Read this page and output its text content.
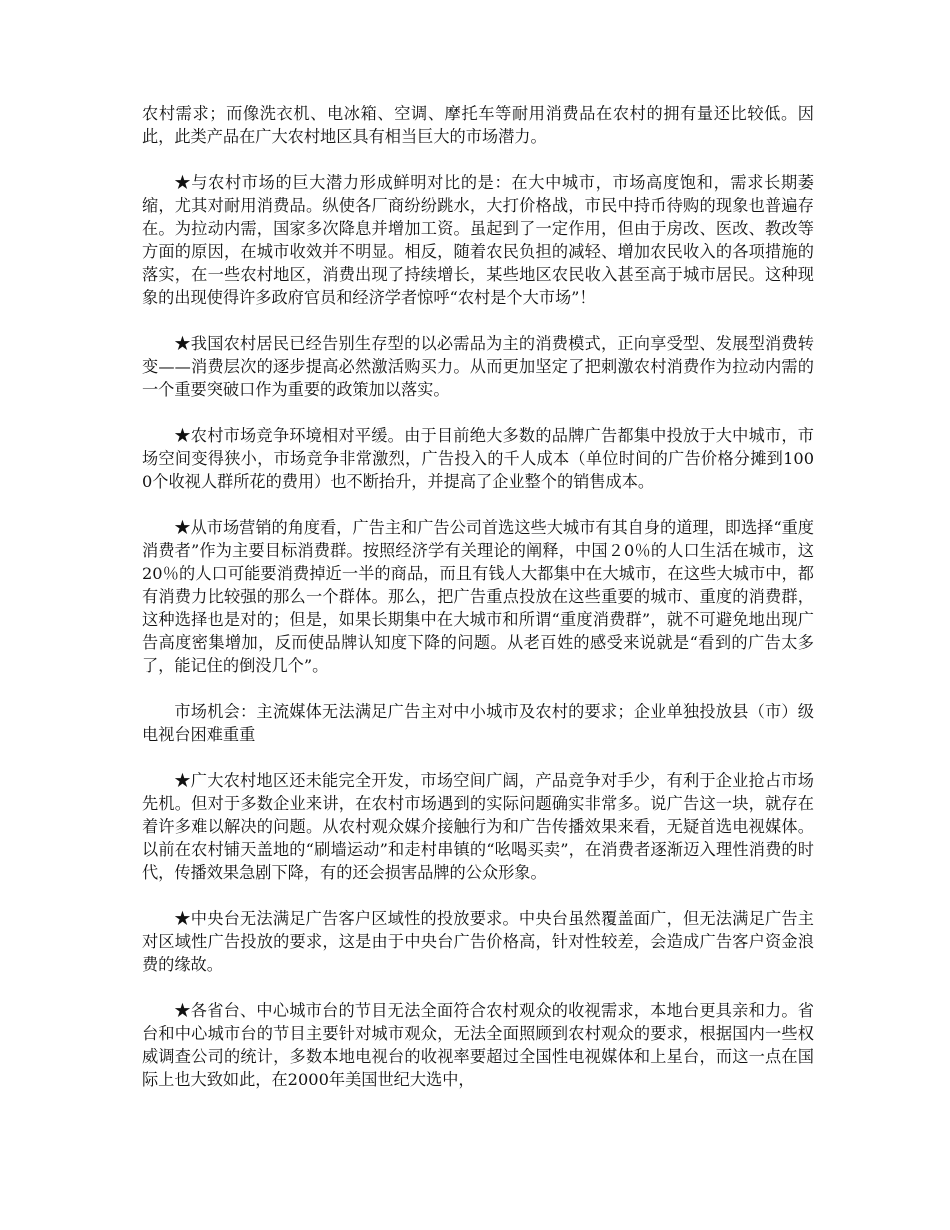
农村需求；而像洗衣机、电冰箱、空调、摩托车等耐用消费品在农村的拥有量还比较低。因此，此类产品在广大农村地区具有相当巨大的市场潜力。

★与农村市场的巨大潜力形成鲜明对比的是：在大中城市，市场高度饱和，需求长期萎缩，尤其对耐用消费品。纵使各厂商纷纷跳水，大打价格战，市民中持币待购的现象也普遍存在。为拉动内需，国家多次降息并增加工资。虽起到了一定作用，但由于房改、医改、教改等方面的原因，在城市收效并不明显。相反，随着农民负担的减轻、增加农民收入的各项措施的落实，在一些农村地区，消费出现了持续增长，某些地区农民收入甚至高于城市居民。这种现象的出现使得许多政府官员和经济学者惊呼“农村是个大市场”！

★我国农村居民已经告别生存型的以必需品为主的消费模式，正向享受型、发展型消费转变——消费层次的逐步提高必然激活购买力。从而更加坚定了把刺激农村消费作为拉动内需的一个重要突破口作为重要的政策加以落实。

★农村市场竞争环境相对平缓。由于目前绝大多数的品牌广告都集中投放于大中城市，市场空间变得狭小，市场竞争非常激烈，广告投入的千人成本（单位时间的广告价格分摊到1000个收视人群所花的费用）也不断抬升，并提高了企业整个的销售成本。

★从市场营销的角度看，广告主和广告公司首选这些大城市有其自身的道理，即选择“重度消费者”作为主要目标消费群。按照经济学有关理论的阐释，中国２0％的人口生活在城市，这20％的人口可能要消费掉近一半的商品，而且有钱人大都集中在大城市，在这些大城市中，都有消费力比较强的那么一个群体。那么，把广告重点投放在这些重要的城市、重度的消费群，这种选择也是对的；但是，如果长期集中在大城市和所谓“重度消费群”，就不可避免地出现广告高度密集增加，反而使品牌认知度下降的问题。从老百姓的感受来说就是“看到的广告太多了，能记住的倒没几个”。

市场机会：主流媒体无法满足广告主对中小城市及农村的要求；企业单独投放县（市）级电视台困难重重

★广大农村地区还未能完全开发，市场空间广阔，产品竞争对手少，有利于企业抢占市场先机。但对于多数企业来讲，在农村市场遇到的实际问题确实非常多。说广告这一块，就存在着许多难以解决的问题。从农村观众媒介接触行为和广告传播效果来看，无疑首选电视媒体。以前在农村铺天盖地的“刷墙运动”和走村串镇的“吆喝买卖”，在消费者逐渐迈入理性消费的时代，传播效果急剧下降，有的还会损害品牌的公众形象。

★中央台无法满足广告客户区域性的投放要求。中央台虽然覆盖面广，但无法满足广告主对区域性广告投放的要求，这是由于中央台广告价格高，针对性较差，会造成广告客户资金浪费的缘故。

★各省台、中心城市台的节目无法全面符合农村观众的收视需求，本地台更具亲和力。省台和中心城市台的节目主要针对城市观众，无法全面照顾到农村观众的要求，根据国内一些权威调查公司的统计，多数本地电视台的收视率要超过全国性电视媒体和上星台，而这一点在国际上也大致如此，在2000年美国世纪大选中，
